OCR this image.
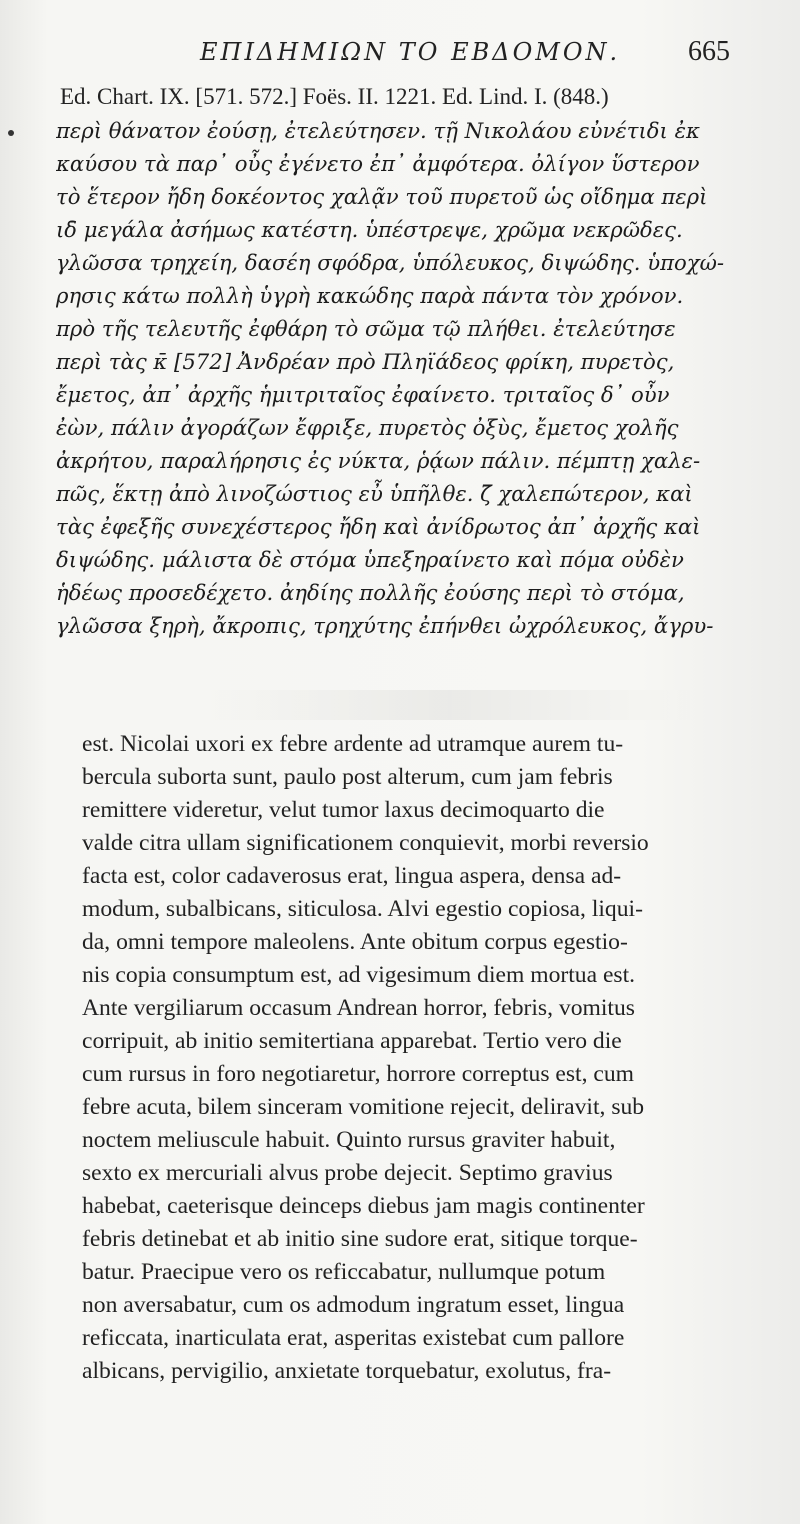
ΕΠΙΔΗΜΙΩΝ ΤΟ ΕΒΔΟΜΟΝ. 665
Ed. Chart. IX. [571. 572.] Foës. II. 1221. Ed. Lind. I. (848.)
περὶ θάνατον ἐούσῃ, ἐτελεύτησεν. τῇ Νικολάου εὐνέτιδι ἐκ
καύσου τὰ παρ᾽ οὖς ἐγένετο ἐπ᾽ ἀμφότερα. ὀλίγον ὕστερον
τὸ ἕτερον ἤδη δοκέοντος χαλᾷν τοῦ πυρετοῦ ὡς οἴδημα περὶ
ιδ̄ μεγάλα ἀσήμως κατέστη. ὑπέστρεψε, χρῶμα νεκρῶδες.
γλῶσσα τρηχείη, δασέη σφόδρα, ὑπόλευκος, διψώδης. ὑποχώ-
ρησις κάτω πολλὴ ὑγρὴ κακώδης παρὰ πάντα τὸν χρόνον.
πρὸ τῆς τελευτῆς ἐφθάρη τὸ σῶμα τῷ πλήθει. ἐτελεύτησε
περὶ τὰς κ̄ [572] Ἀνδρέαν πρὸ Πληϊάδεος φρίκη, πυρετὸς,
ἔμετος, ἀπ᾽ ἀρχῆς ἡμιτριταῖος ἐφαίνετο. τριταῖος δ᾽ οὖν
ἐὼν, πάλιν ἀγοράζων ἔφριξε, πυρετὸς ὀξὺς, ἔμετος χολῆς
ἀκρήτου, παραλήρησις ἐς νύκτα, ῥᾴων πάλιν. πέμπτῃ χαλε-
πῶς, ἕκτῃ ἀπὸ λινοζώστιος εὖ ὑπῆλθε. ζ̄ χαλεπώτερον, καὶ
τὰς ἐφεξῆς συνεχέστερος ἤδη καὶ ἀνίδρωτος ἀπ᾽ ἀρχῆς καὶ
διψώδης. μάλιστα δὲ στόμα ὑπεξηραίνετο καὶ πόμα οὐδὲν
ἡδέως προσεδέχετο. ἀηδίης πολλῆς ἐούσης περὶ τὸ στόμα,
γλῶσσα ξηρὴ, ἄκροπις, τρηχύτης ἐπήνθει ὠχρόλευκος, ἄγρυ-
est. Nicolai uxori ex febre ardente ad utramque aurem tu-
bercula suborta sunt, paulo post alterum, cum jam febris
remittere videretur, velut tumor laxus decimoquarto die
valde citra ullam significationem conquievit, morbi reversio
facta est, color cadaverosus erat, lingua aspera, densa ad-
modum, subalbicans, siticulosa. Alvi egestio copiosa, liqui-
da, omni tempore maleolens. Ante obitum corpus egestio-
nis copia consumptum est, ad vigesimum diem mortua est.
Ante vergiliarum occasum Andrean horror, febris, vomitus
corripuit, ab initio semitertiana apparebat. Tertio vero die
cum rursus in foro negotiaretur, horrore correptus est, cum
febre acuta, bilem sinceram vomitione rejecit, deliravit, sub
noctem meliuscule habuit. Quinto rursus graviter habuit,
sexto ex mercuriali alvus probe dejecit. Septimo gravius
habebat, caeterisque deinceps diebus jam magis continenter
febris detinebat et ab initio sine sudore erat, sitique torque-
batur. Praecipue vero os reficcabatur, nullumque potum
non aversabatur, cum os admodum ingratum esset, lingua
reficcata, inarticulata erat, asperitas existebat cum pallore
albicans, pervigilio, anxietate torquebatur, exolutus, fra-
